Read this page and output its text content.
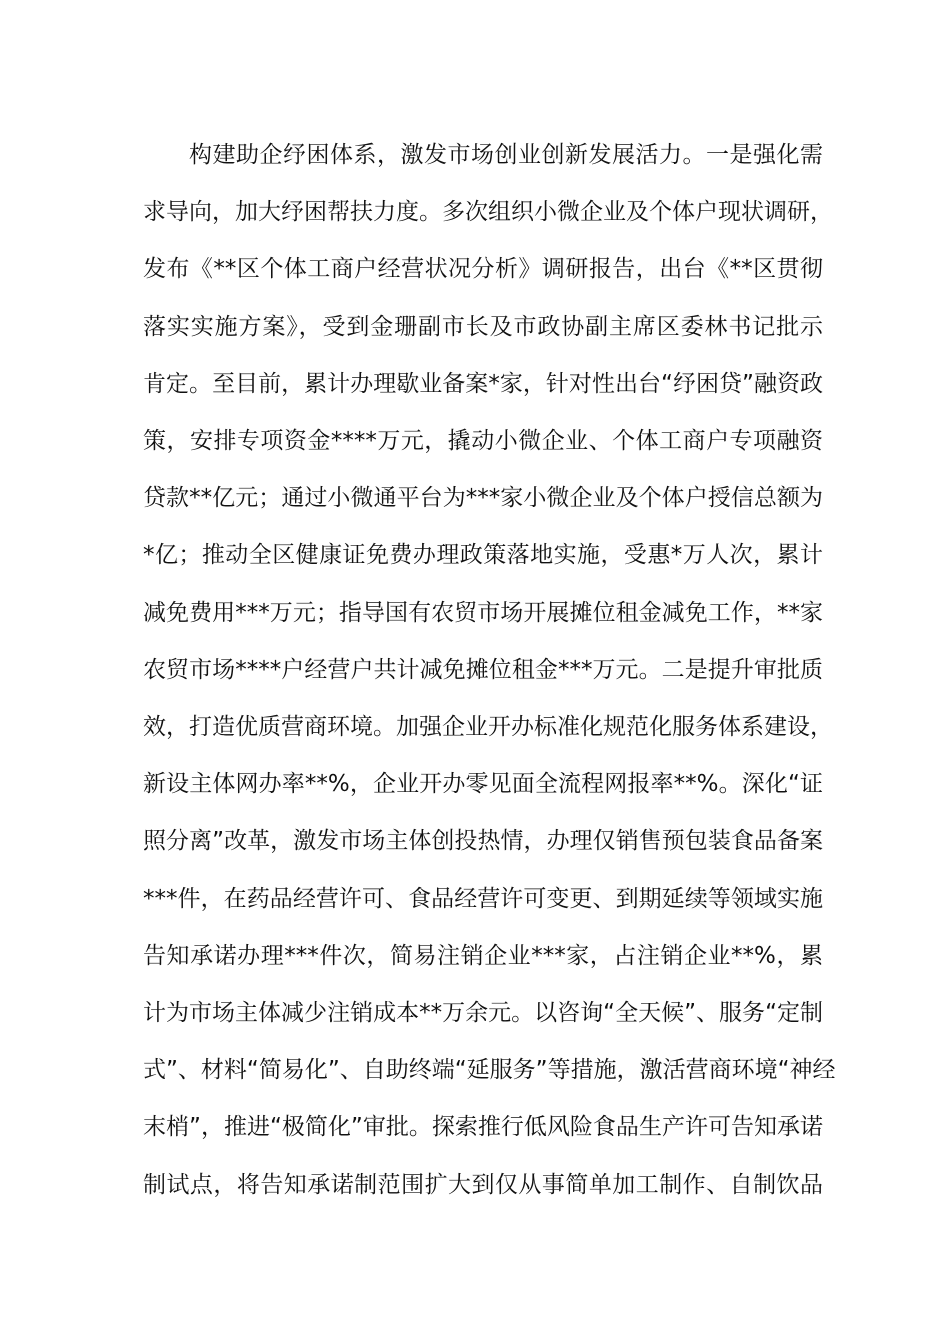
构建助企纾困体系，激发市场创业创新发展活力。一是强化需
求导向，加大纾困帮扶力度。多次组织小微企业及个体户现状调研，
发布《**区个体工商户经营状况分析》调研报告，出台《**区贯彻
落实实施方案》，受到金珊副市长及市政协副主席区委林书记批示
肯定。至目前，累计办理歇业备案*家，针对性出台“纾困贷”融资政
策，安排专项资金****万元，撬动小微企业、个体工商户专项融资
贷款**亿元；通过小微通平台为***家小微企业及个体户授信总额为
*亿；推动全区健康证免费办理政策落地实施，受惠*万人次，累计
减免费用***万元；指导国有农贸市场开展摊位租金减免工作，**家
农贸市场****户经营户共计减免摊位租金***万元。二是提升审批质
效，打造优质营商环境。加强企业开办标准化规范化服务体系建设，
新设主体网办率**%，企业开办零见面全流程网报率**%。深化“证
照分离”改革，激发市场主体创投热情，办理仅销售预包装食品备案
***件，在药品经营许可、食品经营许可变更、到期延续等领域实施
告知承诺办理***件次，简易注销企业***家，占注销企业**%，累
计为市场主体减少注销成本**万余元。以咨询“全天候”、服务“定制
式”、材料“简易化”、自助终端“延服务”等措施，激活营商环境“神经
末梢”，推进“极简化”审批。探索推行低风险食品生产许可告知承诺
制试点，将告知承诺制范围扩大到仅从事简单加工制作、自制饮品
